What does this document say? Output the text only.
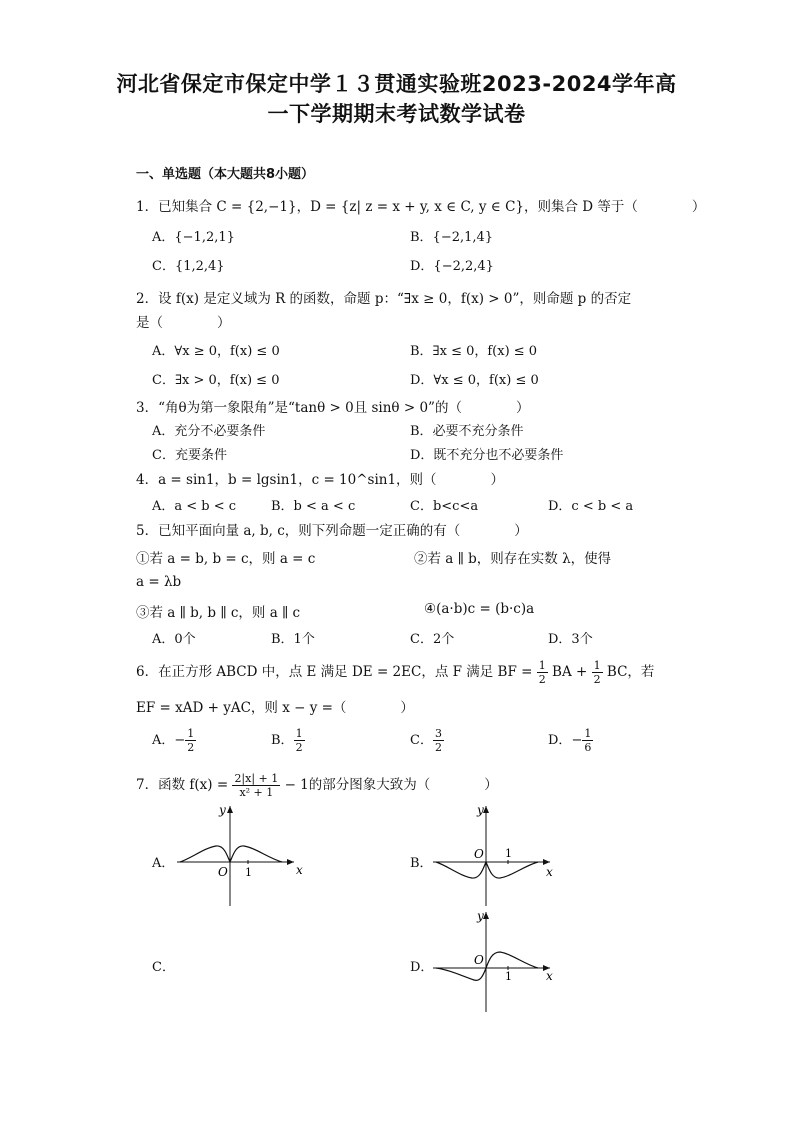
河北省保定市保定中学１３贯通实验班2023-2024学年高
一下学期期末考试数学试卷
一、单选题（本大题共8小题）
1．已知集合 C = {2,−1}，D = {z| z = x + y, x ∈ C, y ∈ C}，则集合 D 等于（　　　　）
A．{−1,2,1}	B．{−2,1,4}
C．{1,2,4}	D．{−2,2,4}
2．设 f(x) 是定义域为 R 的函数，命题 p：“∃x ≥ 0，f(x) > 0”，则命题 p 的否定
是（　　　　）
A．∀x ≥ 0，f(x) ≤ 0	B．∃x ≤ 0，f(x) ≤ 0
C．∃x > 0，f(x) ≤ 0	D．∀x ≤ 0，f(x) ≤ 0
3．“角θ为第一象限角”是“tanθ > 0且 sinθ > 0”的（　　　　）
A．充分不必要条件	B．必要不充分条件
C．充要条件	D．既不充分也不必要条件
4．a = sin1，b = lgsin1，c = 10^sin1，则（　　　　）
A．a < b < c	B．b < a < c	C．b<c<a	D．c < b < a
5．已知平面向量 a, b, c，则下列命题一定正确的有（　　　　）
①若 a = b, b = c，则 a = c	②若 a ∥ b，则存在实数 λ，使得
a = λb
③若 a ∥ b, b ∥ c，则 a ∥ c	④(a·b)c = (b·c)a
A．0个	B．1个	C．2个	D．3个
6．在正方形 ABCD 中，点 E 满足 DE = 2EC，点 F 满足 BF = $\frac{1}{2}$ BA + $\frac{1}{2}$ BC，若
EF = xAD + yAC，则 x − y =（　　　　）
A．− $\frac{1}{2}$	B． $\frac{1}{2}$	C． $\frac{3}{2}$	D．− $\frac{1}{6}$
7．函数 $f(x) = \frac{2|x| + 1}{\text{x² + 1}} - 1$的部分图象大致为（　　　　）
A．	B．
C．	D．
x
y
O 1	x
y
O 1
x
y
O
1
